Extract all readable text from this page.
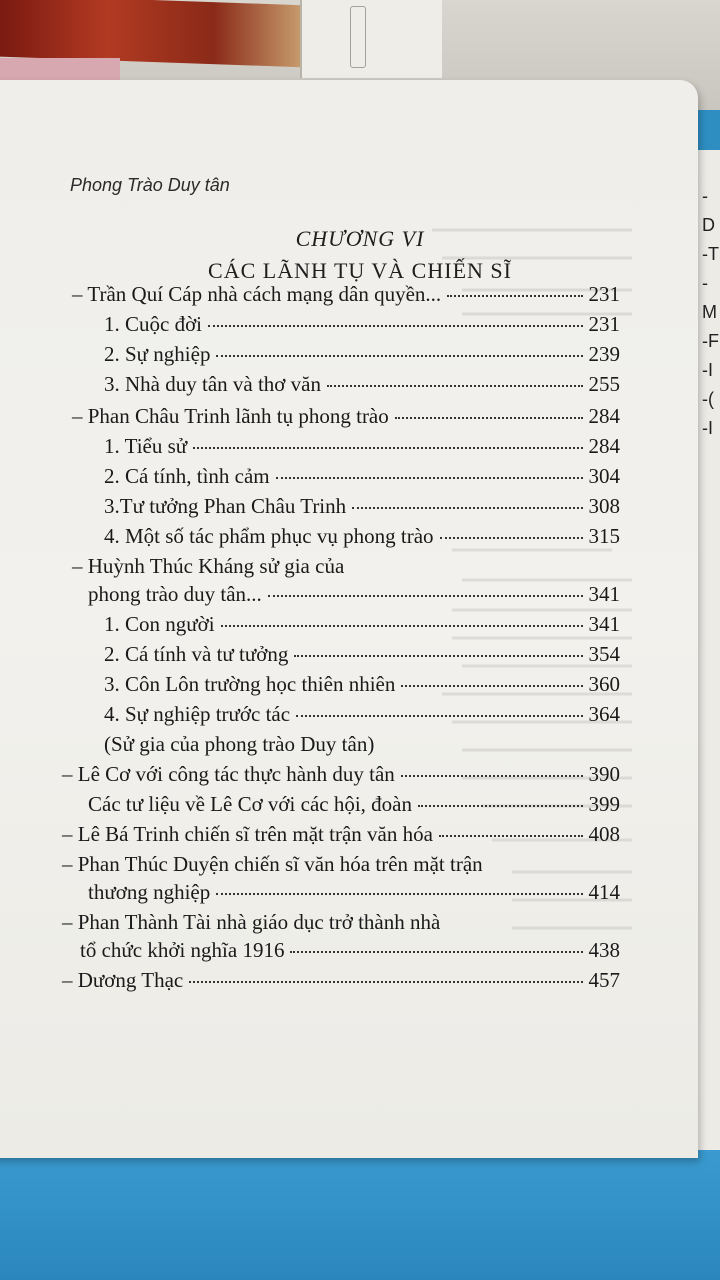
-D
-T
-M
-F
-I
-(
-I
Phong Trào Duy tân
CHƯƠNG VI
CÁC LÃNH TỤ VÀ CHIẾN SĨ
– Trần Quí Cáp nhà cách mạng dân quyền...	231
1. Cuộc đời	231
2. Sự nghiệp	239
3. Nhà duy tân và thơ văn	255
– Phan Châu Trinh lãnh tụ phong trào	284
1. Tiểu sử	284
2. Cá tính, tình cảm	304
3.Tư tưởng Phan Châu Trinh	308
4. Một số tác phẩm phục vụ phong trào	315
– Huỳnh Thúc Kháng sử gia của
phong trào duy tân...	341
1. Con người	341
2. Cá tính và tư tưởng	354
3. Côn Lôn trường học thiên nhiên	360
4. Sự nghiệp trước tác	364
(Sử gia của phong trào Duy tân)
– Lê Cơ với công tác thực hành duy tân	390
Các tư liệu về Lê Cơ với các hội, đoàn	399
– Lê Bá Trinh chiến sĩ trên mặt trận văn hóa	408
– Phan Thúc Duyện chiến sĩ văn hóa trên mặt trận
thương nghiệp	414
– Phan Thành Tài nhà giáo dục trở thành nhà
tổ chức khởi nghĩa 1916	438
– Dương Thạc	457
